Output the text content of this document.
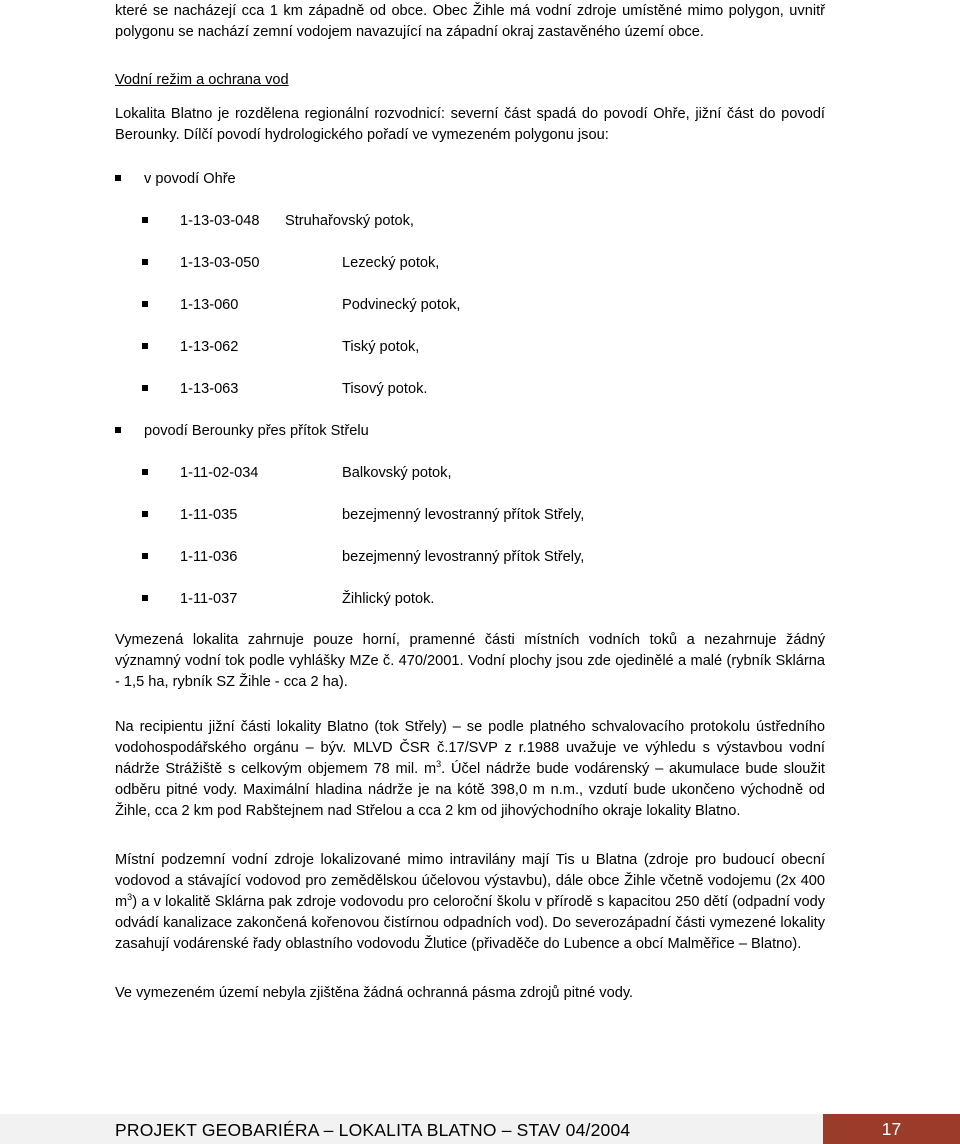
které se nacházejí cca 1 km západně od obce. Obec Žihle má vodní zdroje umístěné mimo polygon, uvnitř polygonu se nachází zemní vodojem navazující na západní okraj zastavěného území obce.
Vodní režim a ochrana vod
Lokalita Blatno je rozdělena regionální rozvodnicí: severní část spadá do povodí Ohře, jižní část do povodí Berounky. Dílčí povodí hydrologického pořadí ve vymezeném polygonu jsou:
v povodí Ohře
1-13-03-048 Struhařovský potok,
1-13-03-050	Lezecký potok,
1-13-060	Podvinecký potok,
1-13-062	Tiský potok,
1-13-063	Tisový potok.
povodí Berounky přes přítok Střelu
1-11-02-034	Balkovský potok,
1-11-035	bezejmenný levostranný přítok Střely,
1-11-036	bezejmenný levostranný přítok Střely,
1-11-037	Žihlický potok.
Vymezená lokalita zahrnuje pouze horní, pramenné části místních vodních toků a nezahrnuje žádný významný vodní tok podle vyhlášky MZe č. 470/2001. Vodní plochy jsou zde ojedinělé a malé (rybník Sklárna - 1,5 ha, rybník SZ Žihle - cca 2 ha).
Na recipientu jižní části lokality Blatno (tok Střely) – se podle platného schvalovacího protokolu ústředního vodohospodářského orgánu – býv. MLVD ČSR č.17/SVP z r.1988 uvažuje ve výhledu s výstavbou vodní nádrže Strážiště s celkovým objemem 78 mil. $m^3$. Účel nádrže bude vodárenský – akumulace bude sloužit odběru pitné vody. Maximální hladina nádrže je na kótě 398,0 m n.m., vzdutí bude ukončeno východně od Žihle, cca 2 km pod Rabštejnem nad Střelou a cca 2 km od jihovýchodního okraje lokality Blatno.
Místní podzemní vodní zdroje lokalizované mimo intravilány mají Tis u Blatna (zdroje pro budoucí obecní vodovod a stávající vodovod pro zemědělskou účelovou výstavbu), dále obce Žihle včetně vodojemu (2x 400 $m^3$) a v lokalitě Sklárna pak zdroje vodovodu pro celoroční školu v přírodě s kapacitou 250 dětí (odpadní vody odvádí kanalizace zakončená kořenovou čistírnou odpadních vod). Do severozápadní části vymezené lokality zasahují vodárenské řady oblastního vodovodu Žlutice (přivaděče do Lubence a obcí Malměřice – Blatno).
Ve vymezeném území nebyla zjištěna žádná ochranná pásma zdrojů pitné vody.
PROJEKT GEOBARIÉRA – LOKALITA BLATNO – STAV 04/2004	17
